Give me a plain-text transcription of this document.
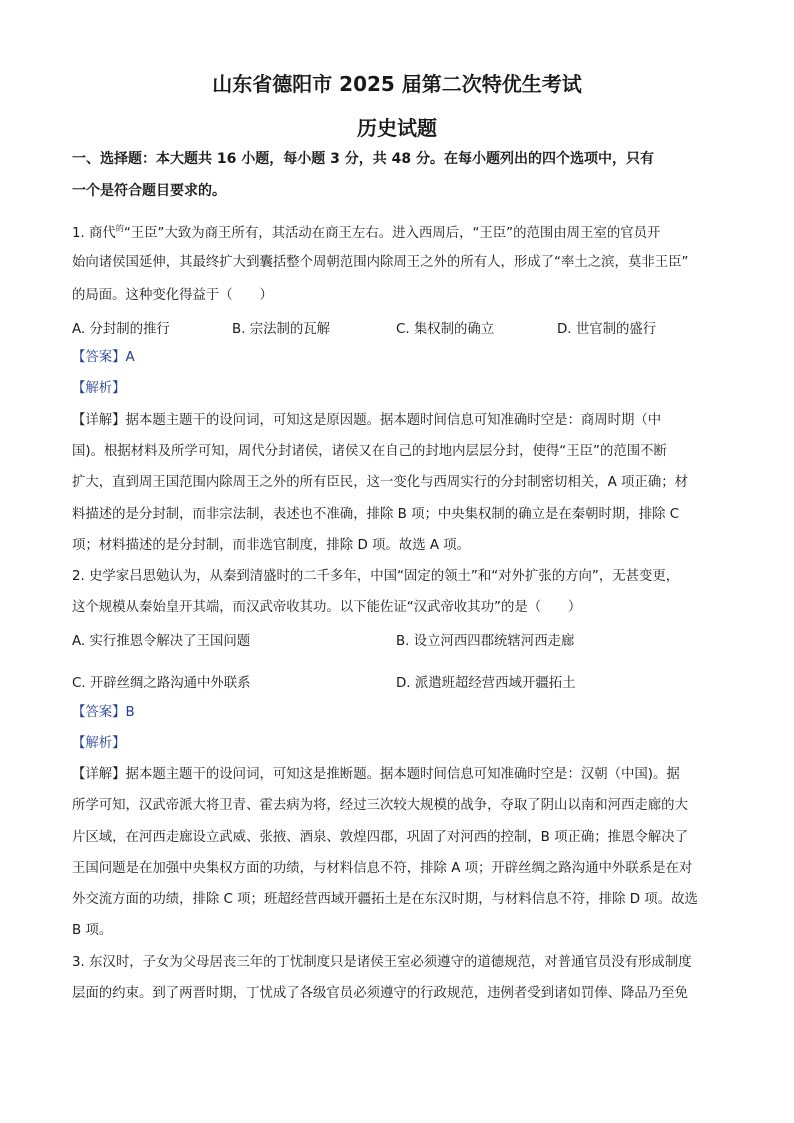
山东省德阳市 2025 届第二次特优生考试
历史试题
一、选择题：本大题共 16 小题，每小题 3 分，共 48 分。在每小题列出的四个选项中，只有
一个是符合题目要求的。
1. 商代$^的$“王臣”大致为商王所有，其活动在商王左右。进入西周后，“王臣”的范围由周王室的官员开
始向诸侯国延伸，其最终扩大到囊括整个周朝范围内除周王之外的所有人，形成了“率土之滨，莫非王臣”
的局面。这种变化得益于（　　）
A. 分封制的推行	B. 宗法制的瓦解	C. 集权制的确立	D. 世官制的盛行
【答案】A
【解析】
【详解】据本题主题干的设问词，可知这是原因题。据本题时间信息可知准确时空是：商周时期（中
国)。根据材料及所学可知，周代分封诸侯，诸侯又在自己的封地内层层分封，使得“王臣”的范围不断
扩大，直到周王国范围内除周王之外的所有臣民，这一变化与西周实行的分封制密切相关，A 项正确；材
料描述的是分封制，而非宗法制，表述也不准确，排除 B 项；中央集权制的确立是在秦朝时期，排除 C
项；材料描述的是分封制，而非选官制度，排除 D 项。故选 A 项。
2. 史学家吕思勉认为，从秦到清盛时的二千多年，中国“固定的领土”和“对外扩张的方向”，无甚变更，
这个规模从秦始皇开其端，而汉武帝收其功。以下能佐证“汉武帝收其功”的是（　　）
A. 实行推恩令解决了王国问题	B. 设立河西四郡统辖河西走廊
C. 开辟丝绸之路沟通中外联系	D. 派遣班超经营西域开疆拓土
【答案】B
【解析】
【详解】据本题主题干的设问词，可知这是推断题。据本题时间信息可知准确时空是：汉朝（中国)。据
所学可知，汉武帝派大将卫青、霍去病为将，经过三次较大规模的战争，夺取了阴山以南和河西走廊的大
片区域，在河西走廊设立武威、张掖、酒泉、敦煌四郡，巩固了对河西的控制，B 项正确；推恩令解决了
王国问题是在加强中央集权方面的功绩，与材料信息不符，排除 A 项；开辟丝绸之路沟通中外联系是在对
外交流方面的功绩，排除 C 项；班超经营西域开疆拓土是在东汉时期，与材料信息不符，排除 D 项。故选
B 项。
3. 东汉时，子女为父母居丧三年的丁忧制度只是诸侯王室必须遵守的道德规范，对普通官员没有形成制度
层面的约束。到了两晋时期，丁忧成了各级官员必须遵守的行政规范，违例者受到诸如罚俸、降品乃至免
